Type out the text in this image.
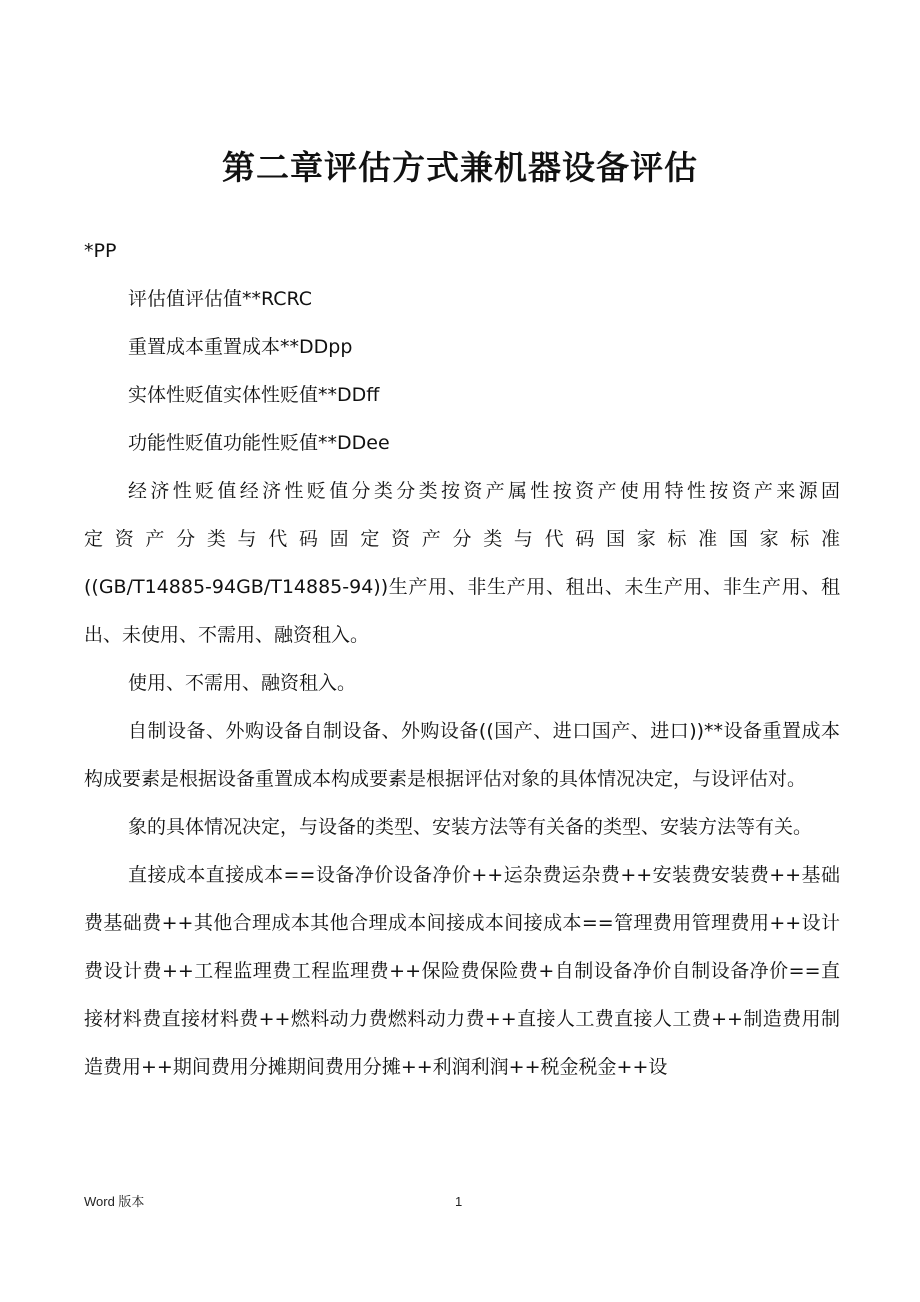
第二章评估方式兼机器设备评估

*PP

评估值评估值**RCRC

重置成本重置成本**DDpp

实体性贬值实体性贬值**DDff

功能性贬值功能性贬值**DDee

经济性贬值经济性贬值分类分类按资产属性按资产使用特性按资产来源固

定资产分类与代码固定资产分类与代码国家标准国家标准

((GB/T14885-94GB/T14885-94))生产用、非生产用、租出、未生产用、非生产用、租出、未使用、不需用、融资租入。

使用、不需用、融资租入。

自制设备、外购设备自制设备、外购设备((国产、进口国产、进口))**设备重置成本构成要素是根据设备重置成本构成要素是根据评估对象的具体情况决定，与设评估对。

象的具体情况决定，与设备的类型、安装方法等有关备的类型、安装方法等有关。

直接成本直接成本==设备净价设备净价++运杂费运杂费++安装费安装费++基础费基础费++其他合理成本其他合理成本间接成本间接成本==管理费用管理费用++设计费设计费++工程监理费工程监理费++保险费保险费+自制设备净价自制设备净价==直接材料费直接材料费++燃料动力费燃料动力费++直接人工费直接人工费++制造费用制造费用++期间费用分摊期间费用分摊++利润利润++税金税金++设

Word 版本	1
